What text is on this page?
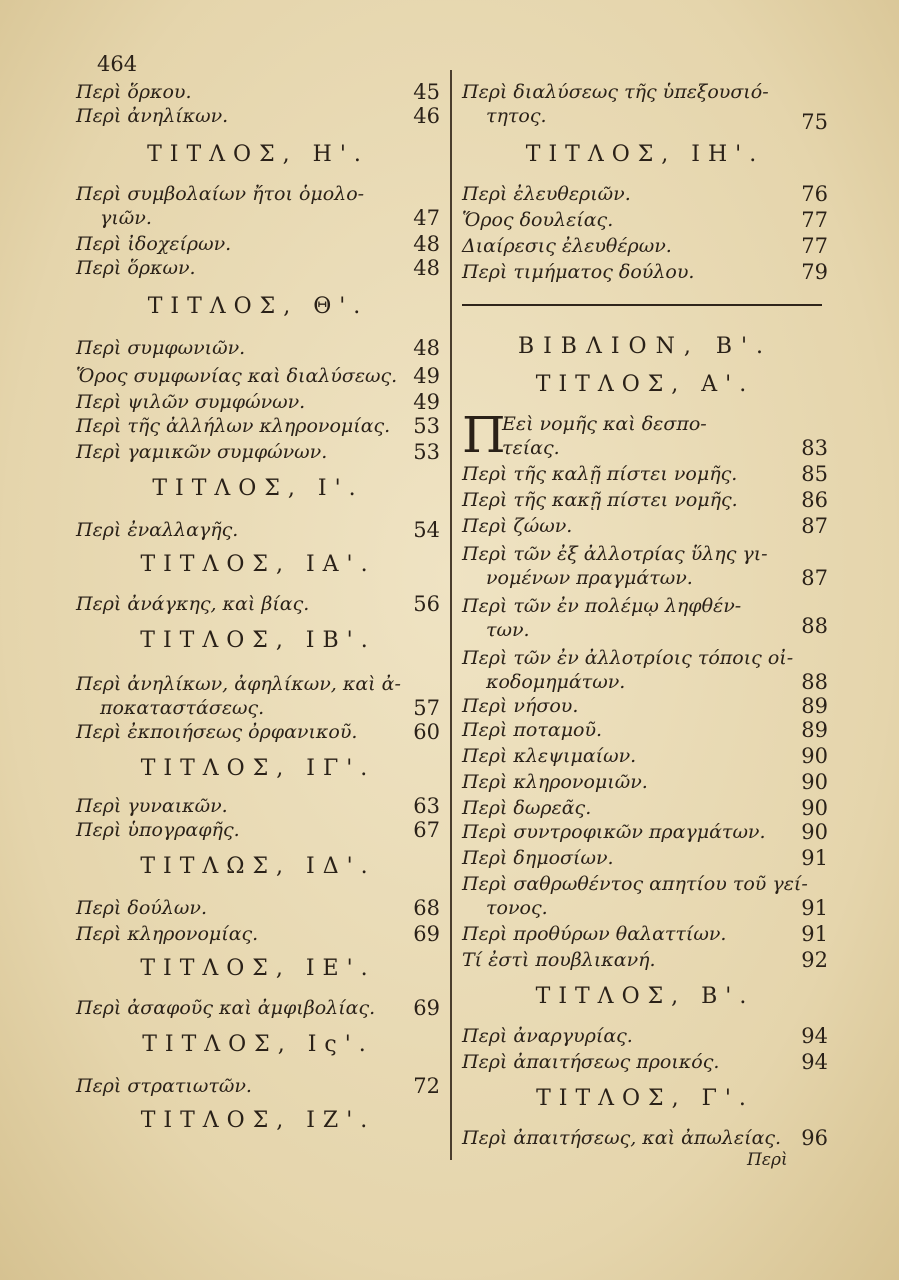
464
Περὶ ὅρκου.	45
Περὶ ἀνηλίκων.	46
ΤΙΤΛΟΣ, Η'.
Περὶ συμβολαίων ἤτοι ὁμολο-
γιῶν.	47
Περὶ ἰδοχείρων.	48
Περὶ ὅρκων.	48
ΤΙΤΛΟΣ, Θ'.
Περὶ συμφωνιῶν.	48
Ὅρος συμφωνίας καὶ διαλύσεως. 49
Περὶ ψιλῶν συμφώνων.	49
Περὶ τῆς ἀλλήλων κληρονομίας. 53
Περὶ γαμικῶν συμφώνων.	53
ΤΙΤΛΟΣ, Ι'.
Περὶ ἐναλλαγῆς.	54
ΤΙΤΛΟΣ, ΙΑ'.
Περὶ ἀνάγκης, καὶ βίας.	56
ΤΙΤΛΟΣ, ΙΒ'.
Περὶ ἀνηλίκων, ἀφηλίκων, καὶ ἀ-
ποκαταστάσεως.	57
Περὶ ἐκποιήσεως ὀρφανικοῦ.	60
ΤΙΤΛΟΣ, ΙΓ'.
Περὶ γυναικῶν.	63
Περὶ ὑπογραφῆς.	67
ΤΙΤΛΩΣ, ΙΔ'.
Περὶ δούλων.	68
Περὶ κληρονομίας.	69
ΤΙΤΛΟΣ, ΙΕ'.
Περὶ ἀσαφοῦς καὶ ἀμφιβολίας. 69
ΤΙΤΛΟΣ, Ις'.
Περὶ στρατιωτῶν.	72
ΤΙΤΛΟΣ, ΙΖ'.
Περὶ διαλύσεως τῆς ὑπεξουσιό-
τητος.	75
ΤΙΤΛΟΣ, ΙΗ'.
Περὶ ἐλευθεριῶν.	76
Ὅρος δουλείας.	77
Διαίρεσις ἐλευθέρων.	77
Περὶ τιμήματος δούλου.	79
ΒΙΒΛΙΟΝ, Β'.
ΤΙΤΛΟΣ, Α'.
Π
Εεὶ νομῆς καὶ δεσπο-
τείας.	83
Περὶ τῆς καλῇ πίστει νομῆς.	85
Περὶ τῆς κακῇ πίστει νομῆς.	86
Περὶ ζώων.	87
Περὶ τῶν ἐξ ἀλλοτρίας ὕλης γι-
νομένων πραγμάτων.	87
Περὶ τῶν ἐν πολέμῳ ληφθέν-
των.	88
Περὶ τῶν ἐν ἀλλοτρίοις τόποις οἰ-
κοδομημάτων.	88
Περὶ νήσου.	89
Περὶ ποταμοῦ.	89
Περὶ κλεψιμαίων.	90
Περὶ κληρονομιῶν.	90
Περὶ δωρεᾶς.	90
Περὶ συντροφικῶν πραγμάτων. 90
Περὶ δημοσίων.	91
Περὶ σαθρωθέντος απητίου τοῦ γεί-
τονος.	91
Περὶ προθύρων θαλαττίων.	91
Τί ἐστὶ πουβλικανή.	92
ΤΙΤΛΟΣ, Β'.
Περὶ ἀναργυρίας.	94
Περὶ ἀπαιτήσεως προικός.	94
ΤΙΤΛΟΣ, Γ'.
Περὶ ἀπαιτήσεως, καὶ ἀπωλείας. 96
Περὶ
